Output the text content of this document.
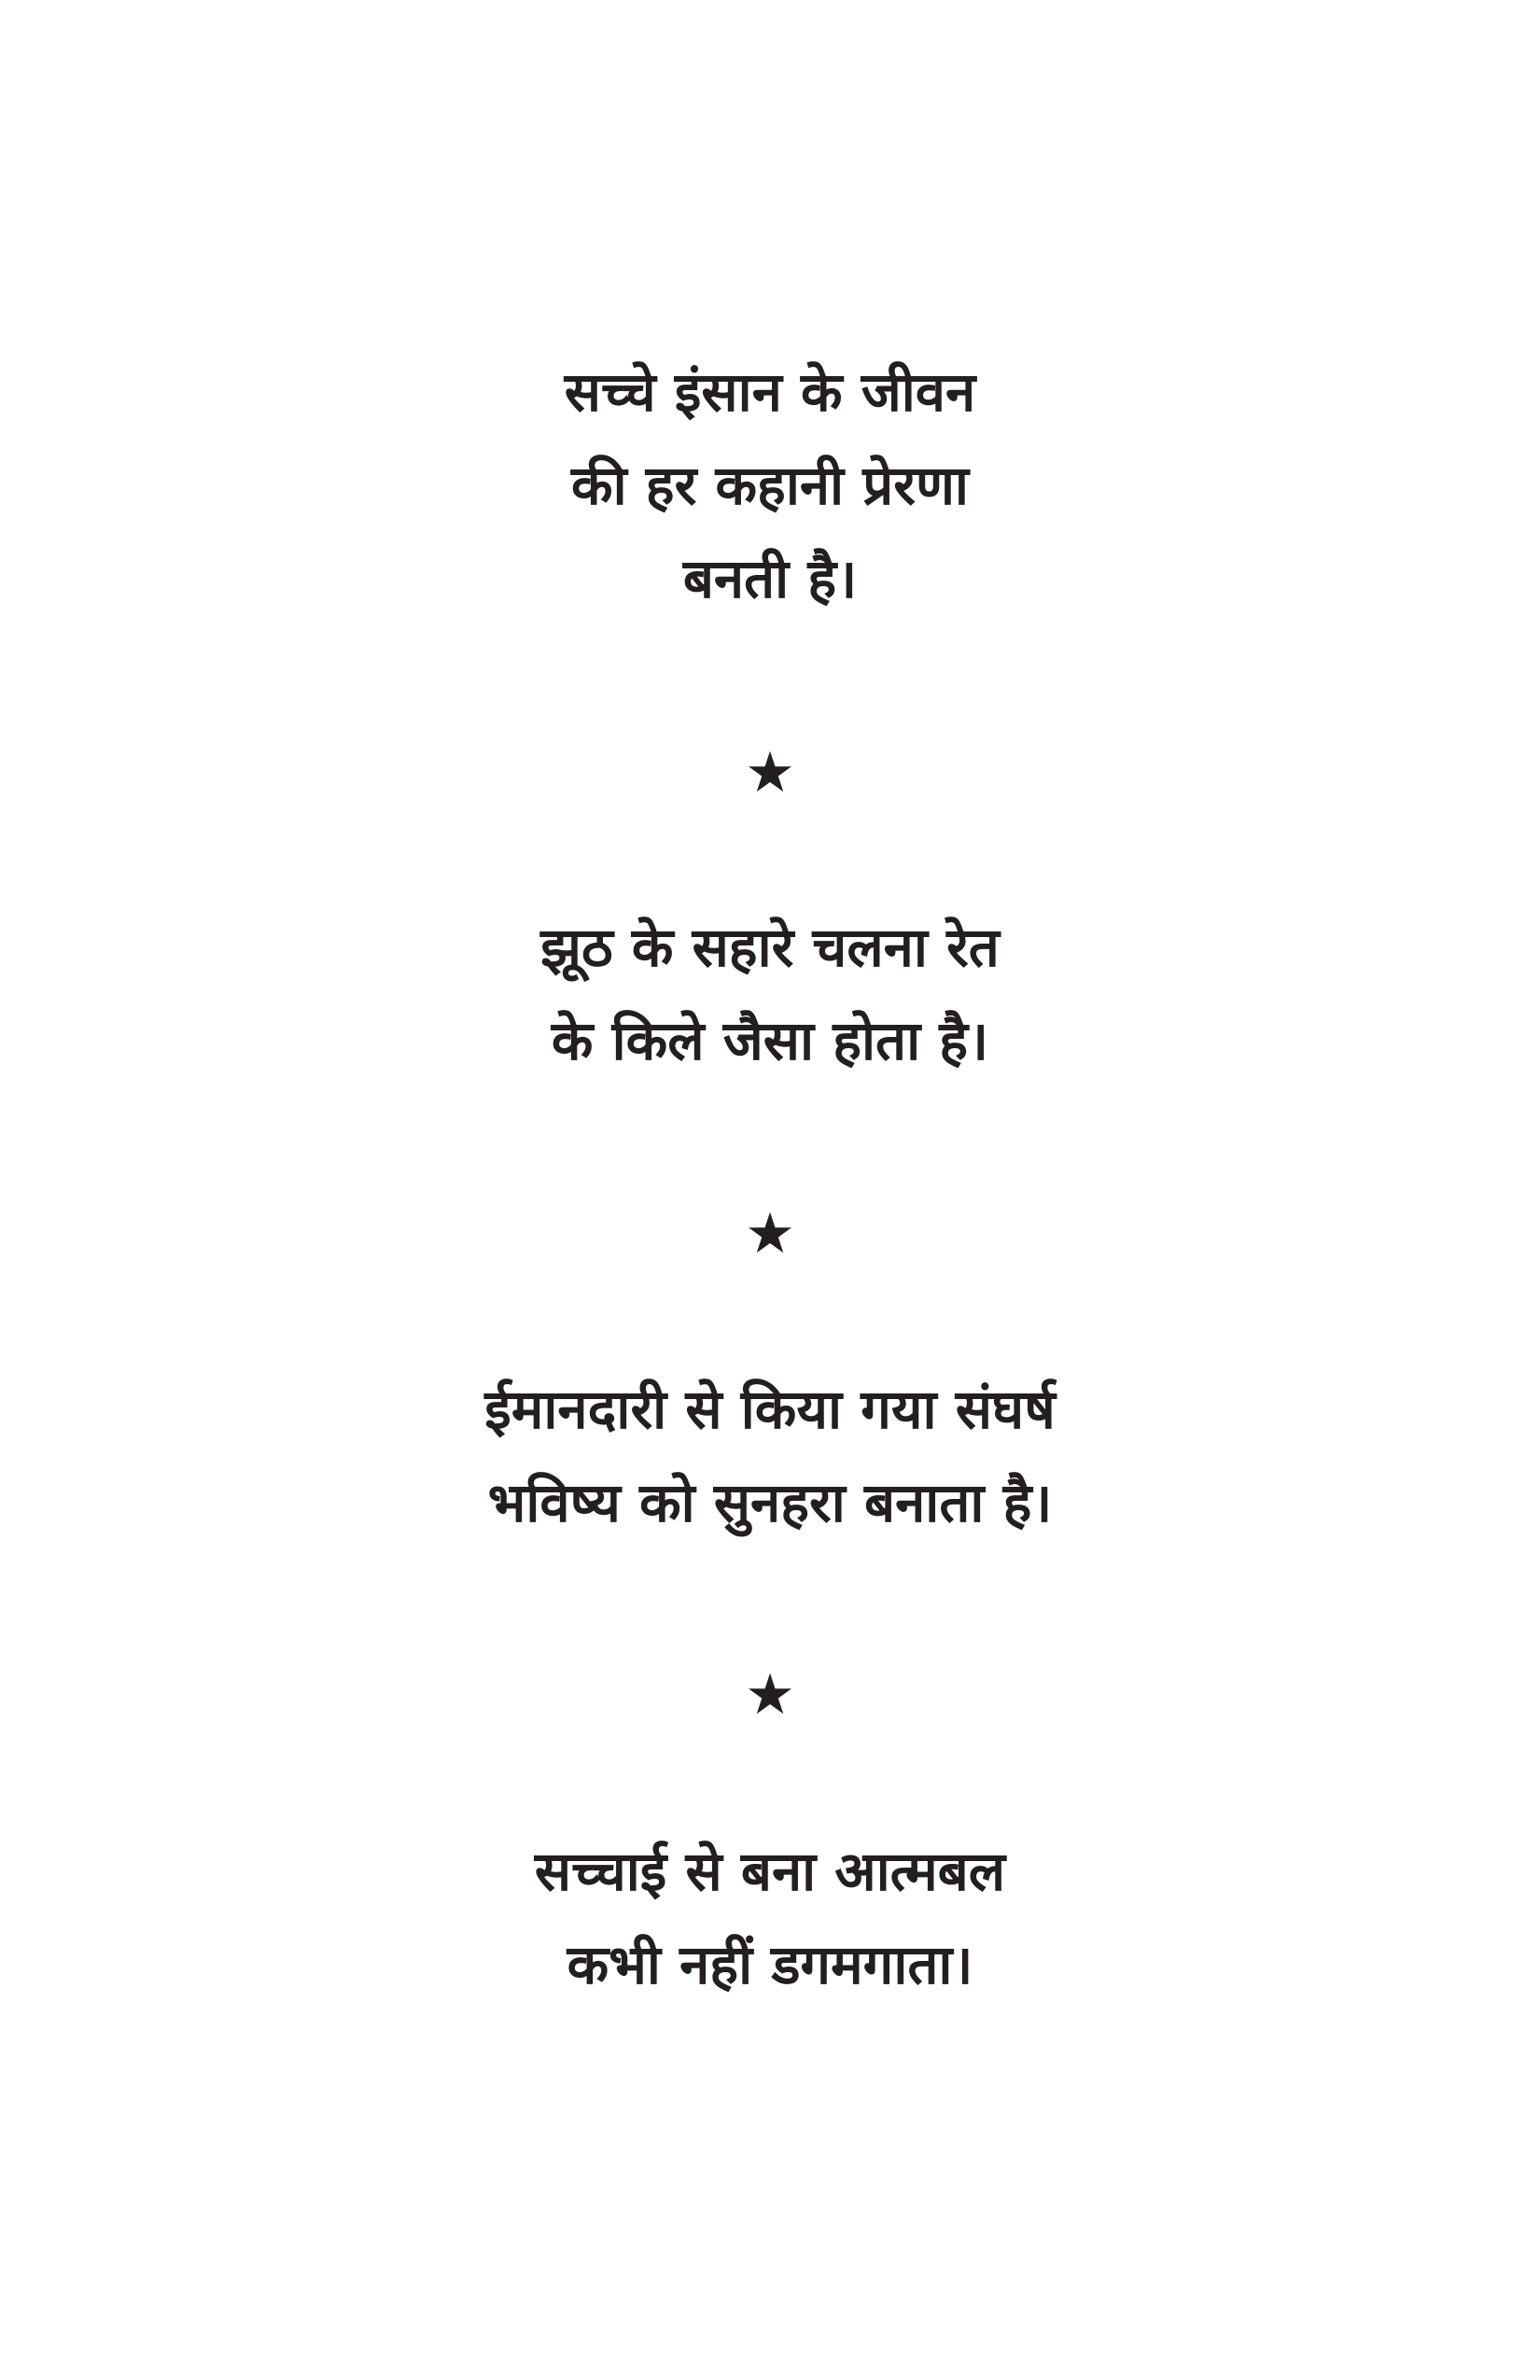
सच्चे इंसान के जीवन
की हर कहानी प्रेरणा
बनती है।
★
झूठ के सहारे चलना रेत
के किले जैसा होता है।
★
ईमानदारी से किया गया संघर्ष
भविष्य को सुनहरा बनाता है।
★
सच्चाई से बना आत्मबल
कभी नहीं डगमगाता।
